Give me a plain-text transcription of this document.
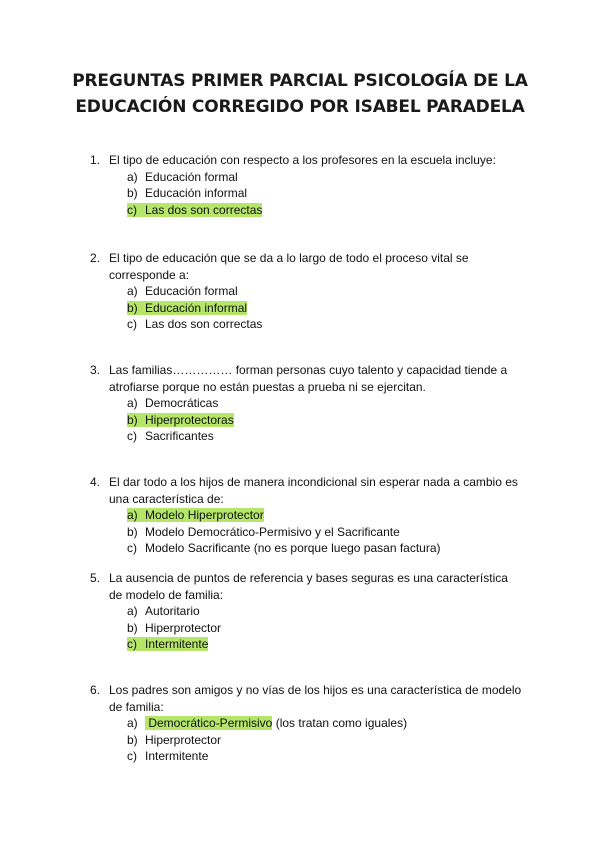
PREGUNTAS PRIMER PARCIAL PSICOLOGÍA DE LA
EDUCACIÓN CORREGIDO POR ISABEL PARADELA
1. El tipo de educación con respecto a los profesores en la escuela incluye:
a) Educación formal
b) Educación informal
c) Las dos son correctas
2. El tipo de educación que se da a lo largo de todo el proceso vital se
corresponde a:
a) Educación formal
b) Educación informal
c) Las dos son correctas
3. Las familias…………… forman personas cuyo talento y capacidad tiende a
atrofiarse porque no están puestas a prueba ni se ejercitan.
a) Democráticas
b) Hiperprotectoras
c) Sacrificantes
4. El dar todo a los hijos de manera incondicional sin esperar nada a cambio es
una característica de:
a) Modelo Hiperprotector
b) Modelo Democrático-Permisivo y el Sacrificante
c) Modelo Sacrificante (no es porque luego pasan factura)
5. La ausencia de puntos de referencia y bases seguras es una característica
de modelo de familia:
a) Autoritario
b) Hiperprotector
c) Intermitente
6. Los padres son amigos y no vías de los hijos es una característica de modelo
de familia:
a) Democrático-Permisivo (los tratan como iguales)
b) Hiperprotector
c) Intermitente
